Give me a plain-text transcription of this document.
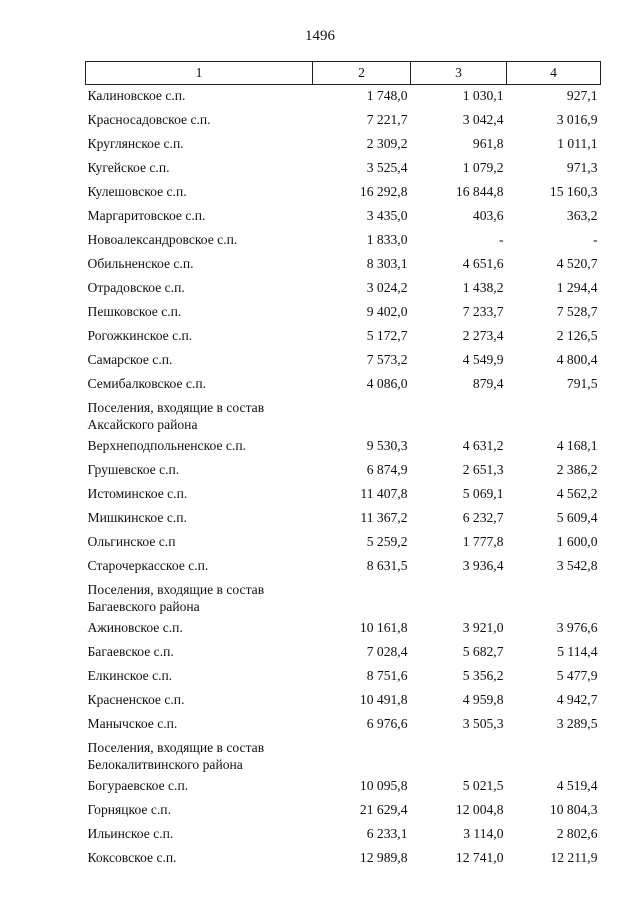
1496
1	2	3	4
Калиновское с.п.	1 748,0	1 030,1	927,1
Красносадовское с.п.	7 221,7	3 042,4	3 016,9
Круглянское с.п.	2 309,2	961,8	1 011,1
Кугейское с.п.	3 525,4	1 079,2	971,3
Кулешовское с.п.	16 292,8	16 844,8	15 160,3
Маргаритовское с.п.	3 435,0	403,6	363,2
Новоалександровское с.п.	1 833,0	-	-
Обильненское с.п.	8 303,1	4 651,6	4 520,7
Отрадовское с.п.	3 024,2	1 438,2	1 294,4
Пешковское с.п.	9 402,0	7 233,7	7 528,7
Рогожкинское с.п.	5 172,7	2 273,4	2 126,5
Самарское с.п.	7 573,2	4 549,9	4 800,4
Семибалковское с.п.	4 086,0	879,4	791,5
Поселения, входящие в состав Аксайского района			
Верхнеподпольненское с.п.	9 530,3	4 631,2	4 168,1
Грушевское с.п.	6 874,9	2 651,3	2 386,2
Истоминское с.п.	11 407,8	5 069,1	4 562,2
Мишкинское с.п.	11 367,2	6 232,7	5 609,4
Ольгинское с.п	5 259,2	1 777,8	1 600,0
Старочеркасское с.п.	8 631,5	3 936,4	3 542,8
Поселения, входящие в состав Багаевского района			
Ажиновское с.п.	10 161,8	3 921,0	3 976,6
Багаевское с.п.	7 028,4	5 682,7	5 114,4
Елкинское с.п.	8 751,6	5 356,2	5 477,9
Красненское с.п.	10 491,8	4 959,8	4 942,7
Манычское с.п.	6 976,6	3 505,3	3 289,5
Поселения, входящие в состав Белокалитвинского района			
Богураевское с.п.	10 095,8	5 021,5	4 519,4
Горняцкое с.п.	21 629,4	12 004,8	10 804,3
Ильинское с.п.	6 233,1	3 114,0	2 802,6
Коксовское с.п.	12 989,8	12 741,0	12 211,9
